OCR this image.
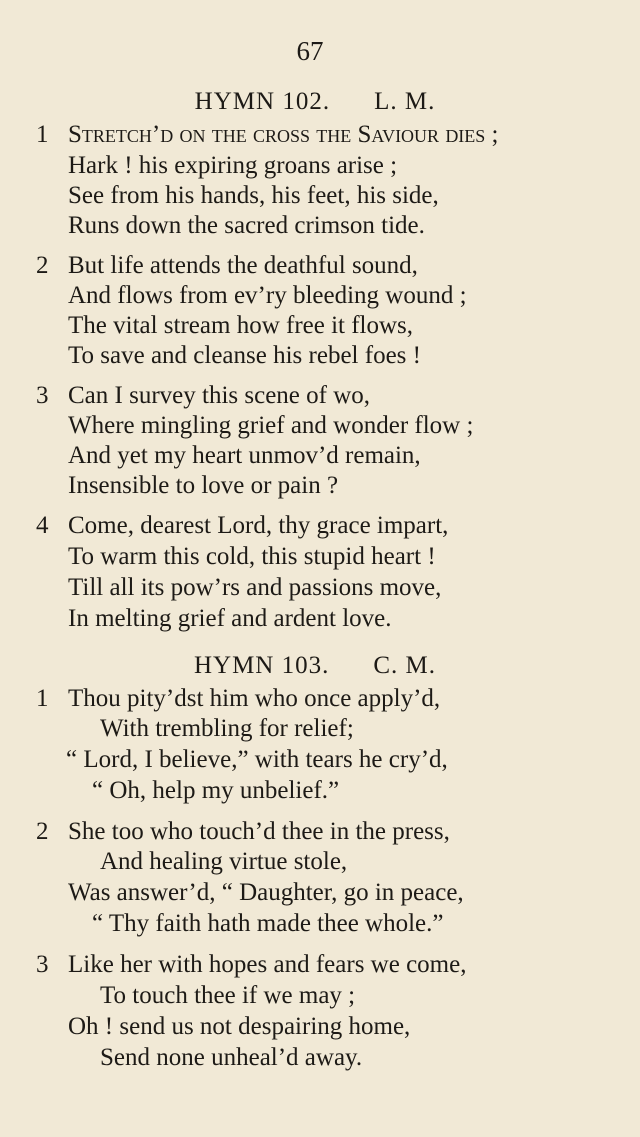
67
HYMN 102. L. M.
1 Stretch’d on the cross the Saviour dies ;
Hark ! his expiring groans arise ;
See from his hands, his feet, his side,
Runs down the sacred crimson tide.
2 But life attends the deathful sound,
And flows from ev’ry bleeding wound ;
The vital stream how free it flows,
To save and cleanse his rebel foes !
3 Can I survey this scene of wo,
Where mingling grief and wonder flow ;
And yet my heart unmov’d remain,
Insensible to love or pain ?
4 Come, dearest Lord, thy grace impart,
To warm this cold, this stupid heart !
Till all its pow’rs and passions move,
In melting grief and ardent love.
HYMN 103. C. M.
1 Thou pity’dst him who once apply’d,
With trembling for relief;
“ Lord, I believe,” with tears he cry’d,
“ Oh, help my unbelief.”
2 She too who touch’d thee in the press,
And healing virtue stole,
Was answer’d, “ Daughter, go in peace,
“ Thy faith hath made thee whole.”
3 Like her with hopes and fears we come,
To touch thee if we may ;
Oh ! send us not despairing home,
Send none unheal’d away.
